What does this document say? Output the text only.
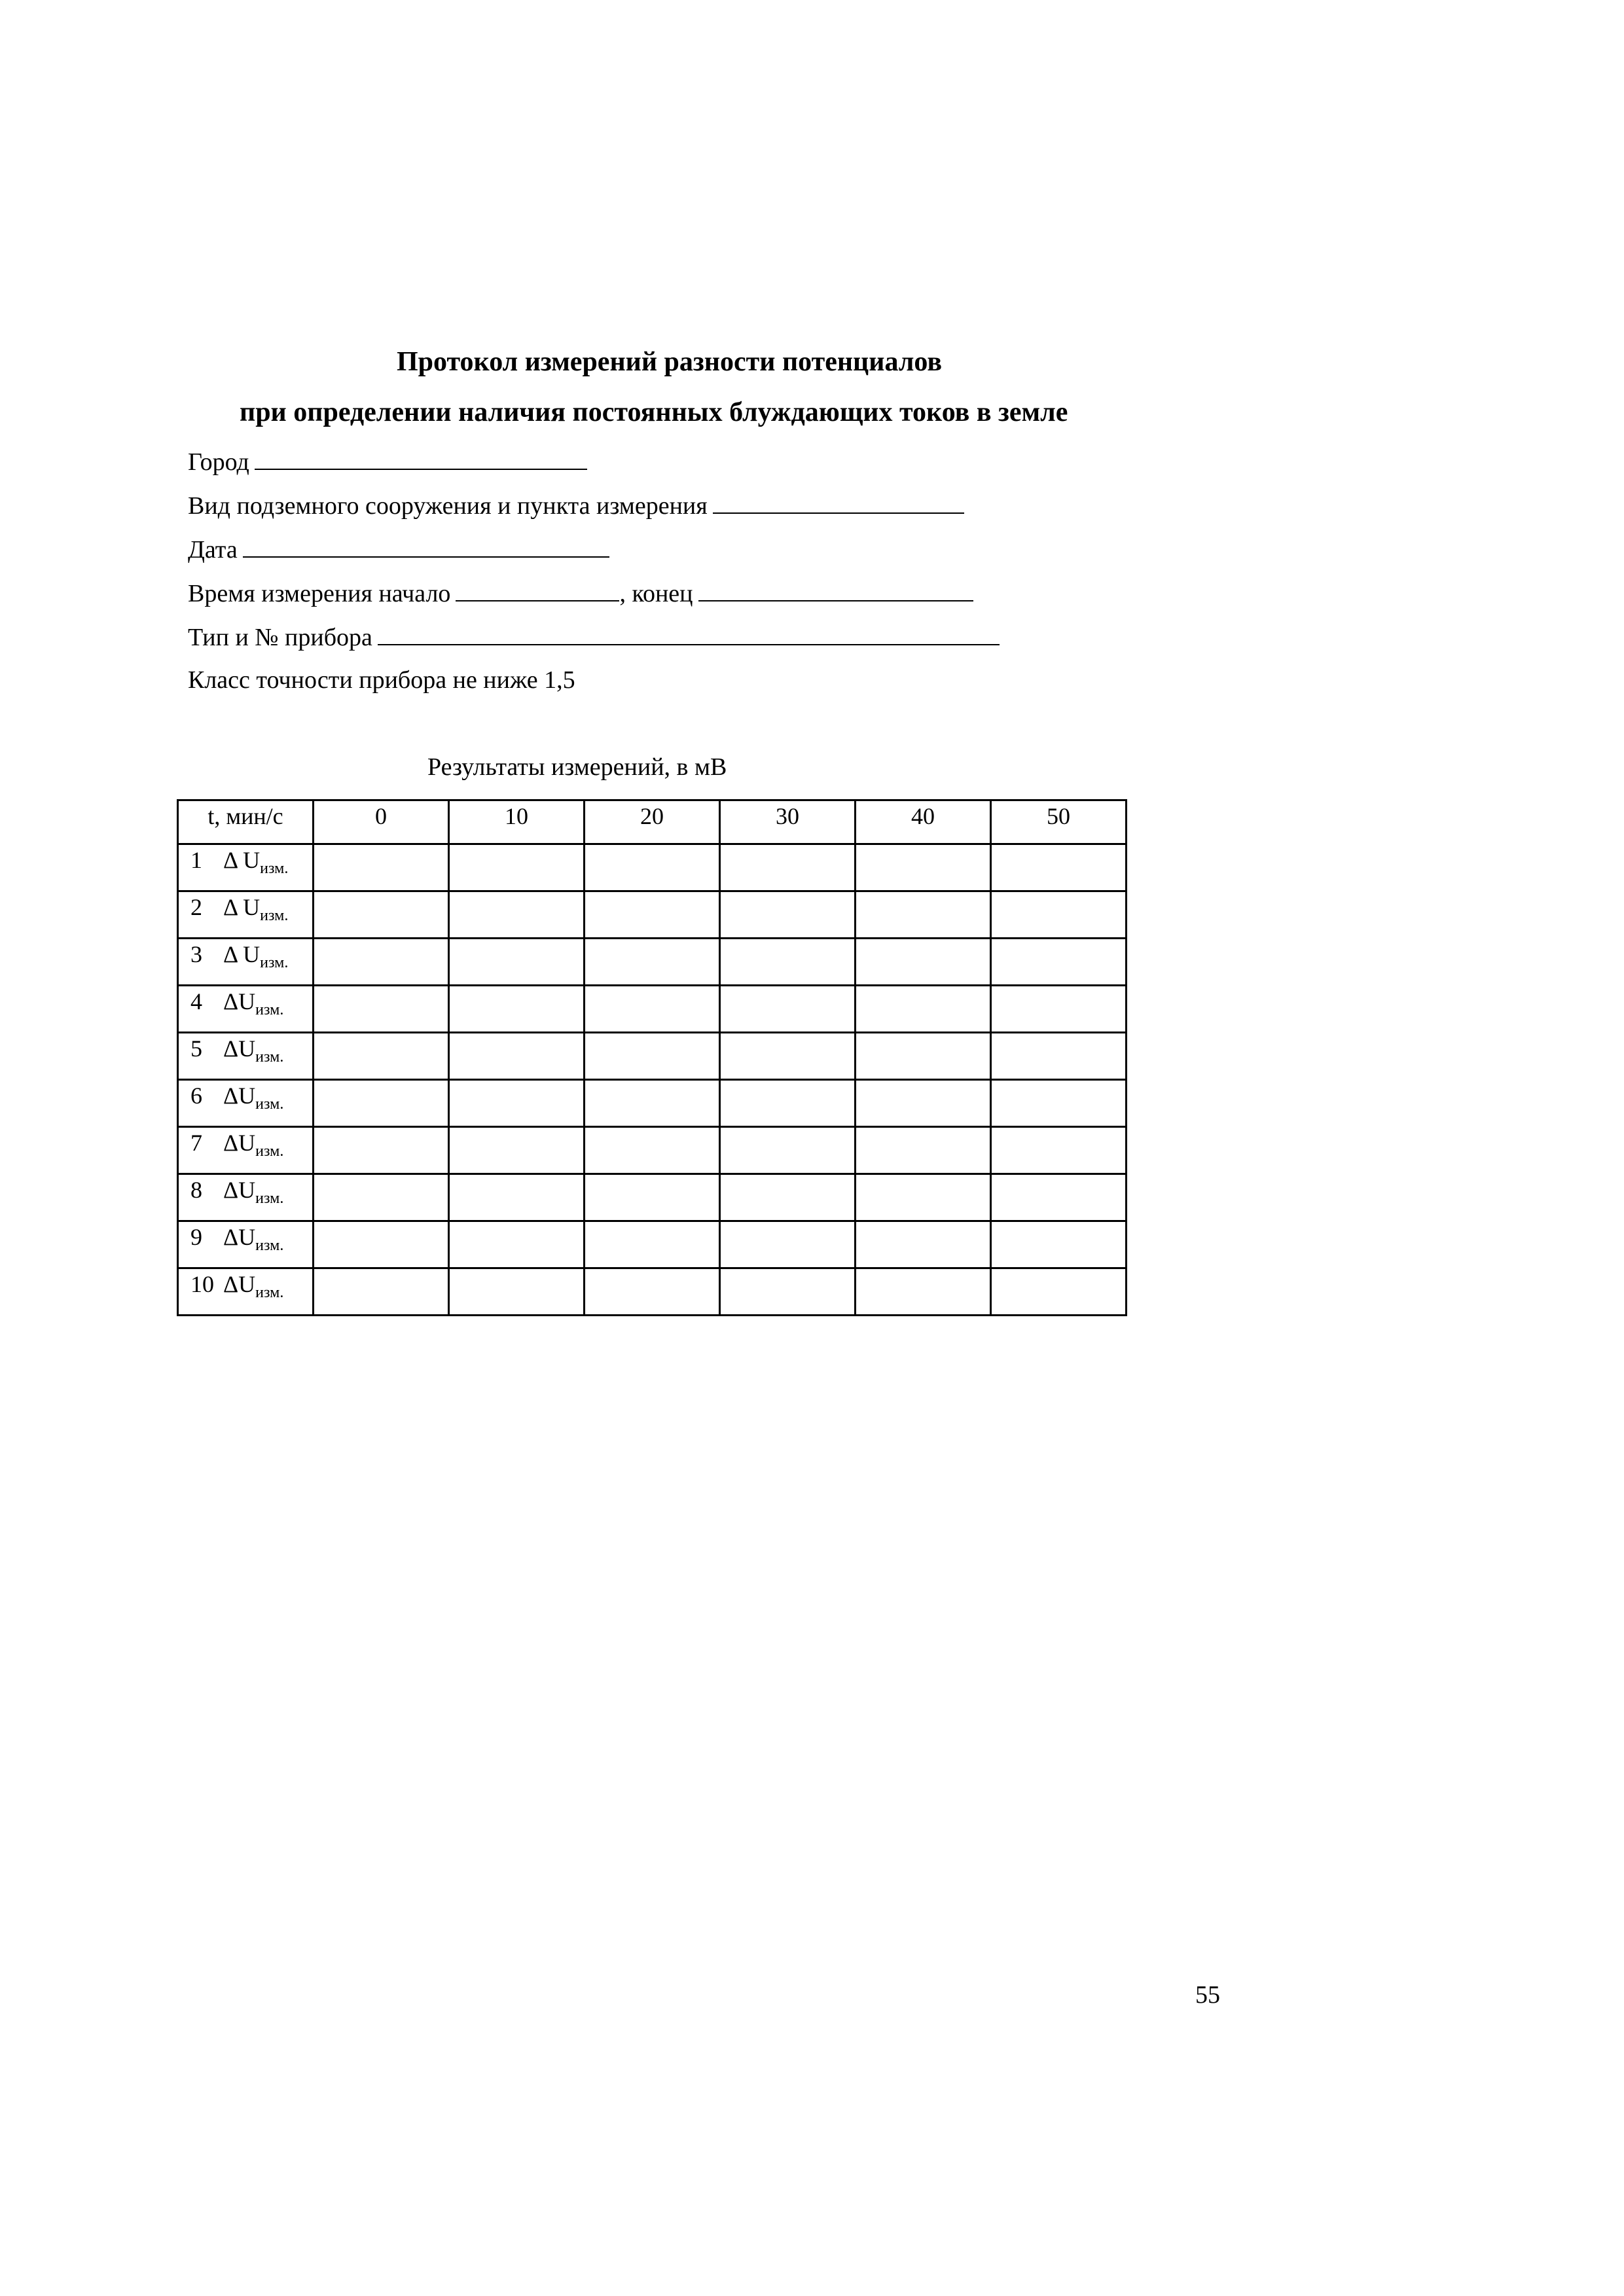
Протокол измерений разности потенциалов
при определении наличия постоянных блуждающих токов в земле
Город
Вид подземного сооружения и пункта измерения
Дата
Время измерения начало	, конец
Тип и № прибора
Класс точности прибора не ниже 1,5
Результаты измерений, в мВ
t, мин/с	0	10	20	30	40	50
1 Δ $U_{изм.}$						
2 Δ $U_{изм.}$						
3 Δ $U_{изм.}$						
4 $\Delta U_{изм.}$						
5 $\Delta U_{изм.}$						
6 $\Delta U_{изм.}$						
7 $\Delta U_{изм.}$						
8 $\Delta U_{изм.}$						
9 $\Delta U_{изм.}$						
10 $\Delta U_{изм.}$						
55
